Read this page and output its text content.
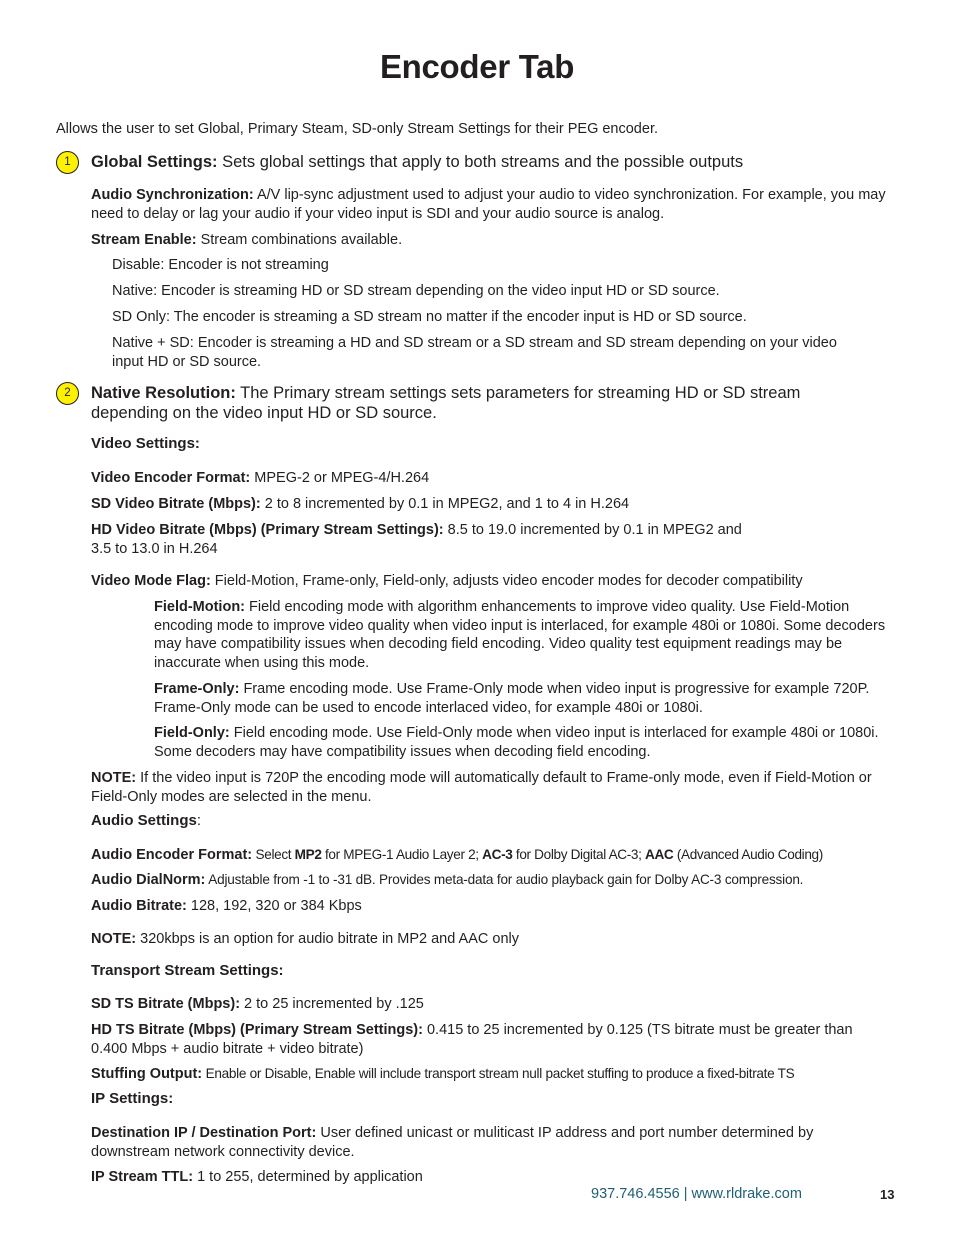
Encoder Tab
Allows the user to set Global, Primary Steam, SD-only Stream Settings for their PEG encoder.
1	Global Settings: Sets global settings that apply to both streams and the possible outputs
Audio Synchronization: A/V lip-sync adjustment used to adjust your audio to video synchronization. For example, you may need to delay or lag your audio if your video input is SDI and your audio source is analog.
Stream Enable: Stream combinations available.
Disable: Encoder is not streaming
Native: Encoder is streaming HD or SD stream depending on the video input HD or SD source.
SD Only: The encoder is streaming a SD stream no matter if the encoder input is HD or SD source.
Native + SD: Encoder is streaming a HD and SD stream or a SD stream and SD stream depending on your video input HD or SD source.
2	Native Resolution: The Primary stream settings sets parameters for streaming HD or SD stream depending on the video input HD or SD source.
Video Settings:
Video Encoder Format: MPEG-2 or MPEG-4/H.264
SD Video Bitrate (Mbps): 2 to 8 incremented by 0.1 in MPEG2, and 1 to 4 in H.264
HD Video Bitrate (Mbps) (Primary Stream Settings): 8.5 to 19.0 incremented by 0.1 in MPEG2 and
3.5 to 13.0 in H.264
Video Mode Flag: Field-Motion, Frame-only, Field-only, adjusts video encoder modes for decoder compatibility
Field-Motion: Field encoding mode with algorithm enhancements to improve video quality. Use Field-Motion encoding mode to improve video quality when video input is interlaced, for example 480i or 1080i. Some decoders may have compatibility issues when decoding field encoding. Video quality test equipment readings may be inaccurate when using this mode.
Frame-Only: Frame encoding mode. Use Frame-Only mode when video input is progressive for example 720P. Frame-Only mode can be used to encode interlaced video, for example 480i or 1080i.
Field-Only: Field encoding mode. Use Field-Only mode when video input is interlaced for example 480i or 1080i. Some decoders may have compatibility issues when decoding field encoding.
NOTE: If the video input is 720P the encoding mode will automatically default to Frame-only mode, even if Field-Motion or Field-Only modes are selected in the menu.
Audio Settings:
Audio Encoder Format: Select MP2 for MPEG-1 Audio Layer 2; AC-3 for Dolby Digital AC-3; AAC (Advanced Audio Coding)
Audio DialNorm: Adjustable from -1 to -31 dB. Provides meta-data for audio playback gain for Dolby AC-3 compression.
Audio Bitrate: 128, 192, 320 or 384 Kbps
NOTE: 320kbps is an option for audio bitrate in MP2 and AAC only
Transport Stream Settings:
SD TS Bitrate (Mbps): 2 to 25 incremented by .125
HD TS Bitrate (Mbps) (Primary Stream Settings): 0.415 to 25 incremented by 0.125 (TS bitrate must be greater than 0.400 Mbps + audio bitrate + video bitrate)
Stuffing Output: Enable or Disable, Enable will include transport stream null packet stuffing to produce a fixed-bitrate TS
IP Settings:
Destination IP / Destination Port: User defined unicast or muliticast IP address and port number determined by downstream network connectivity device.
IP Stream TTL: 1 to 255, determined by application
937.746.4556 | www.rldrake.com	13
